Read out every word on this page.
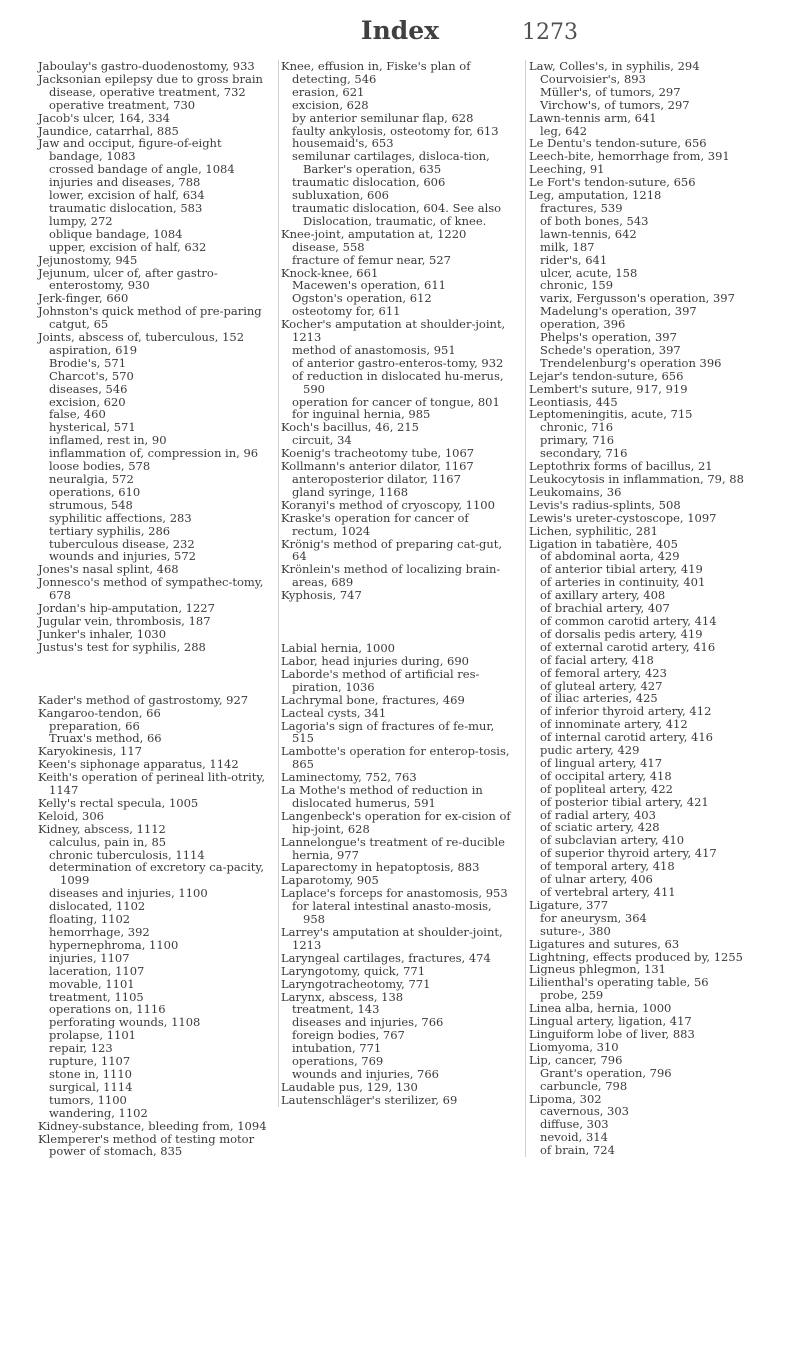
Index	1273

Jaboulay's gastro-duodenostomy, 933

Jacksonian epilepsy due to gross brain disease, operative treatment, 732

operative treatment, 730

Jacob's ulcer, 164, 334

Jaundice, catarrhal, 885

Jaw and occiput, figure-of-eight bandage, 1083

crossed bandage of angle, 1084

injuries and diseases, 788

lower, excision of half, 634

traumatic dislocation, 583

lumpy, 272

oblique bandage, 1084

upper, excision of half, 632

Jejunostomy, 945

Jejunum, ulcer of, after gastro-enterostomy, 930

Jerk-finger, 660

Johnston's quick method of pre-paring catgut, 65

Joints, abscess of, tuberculous, 152

aspiration, 619

Brodie's, 571

Charcot's, 570

diseases, 546

excision, 620

false, 460

hysterical, 571

inflamed, rest in, 90

inflammation of, compression in, 96

loose bodies, 578

neuralgia, 572

operations, 610

strumous, 548

syphilitic affections, 283

tertiary syphilis, 286

tuberculous disease, 232

wounds and injuries, 572

Jones's nasal splint, 468

Jonnesco's method of sympathec-tomy, 678

Jordan's hip-amputation, 1227

Jugular vein, thrombosis, 187

Junker's inhaler, 1030

Justus's test for syphilis, 288

Kader's method of gastrostomy, 927

Kangaroo-tendon, 66

preparation, 66

Truax's method, 66

Karyokinesis, 117

Keen's siphonage apparatus, 1142

Keith's operation of perineal lith-otrity, 1147

Kelly's rectal specula, 1005

Keloid, 306

Kidney, abscess, 1112

calculus, pain in, 85

chronic tuberculosis, 1114

determination of excretory ca-pacity, 1099

diseases and injuries, 1100

dislocated, 1102

floating, 1102

hemorrhage, 392

hypernephroma, 1100

injuries, 1107

laceration, 1107

movable, 1101

treatment, 1105

operations on, 1116

perforating wounds, 1108

prolapse, 1101

repair, 123

rupture, 1107

stone in, 1110

surgical, 1114

tumors, 1100

wandering, 1102

Kidney-substance, bleeding from, 1094

Klemperer's method of testing motor power of stomach, 835

Knee, effusion in, Fiske's plan of detecting, 546

erasion, 621

excision, 628

by anterior semilunar flap, 628

faulty ankylosis, osteotomy for, 613

housemaid's, 653

semilunar cartilages, disloca-tion, Barker's operation, 635

traumatic dislocation, 606

subluxation, 606

traumatic dislocation, 604. See also Dislocation, traumatic, of knee.

Knee-joint, amputation at, 1220

disease, 558

fracture of femur near, 527

Knock-knee, 661

Macewen's operation, 611

Ogston's operation, 612

osteotomy for, 611

Kocher's amputation at shoulder-joint, 1213

method of anastomosis, 951

of anterior gastro-enteros-tomy, 932

of reduction in dislocated hu-merus, 590

operation for cancer of tongue, 801

for inguinal hernia, 985

Koch's bacillus, 46, 215

circuit, 34

Koenig's tracheotomy tube, 1067

Kollmann's anterior dilator, 1167

anteroposterior dilator, 1167

gland syringe, 1168

Koranyi's method of cryoscopy, 1100

Kraske's operation for cancer of rectum, 1024

Krönig's method of preparing cat-gut, 64

Krönlein's method of localizing brain-areas, 689

Kyphosis, 747

Labial hernia, 1000

Labor, head injuries during, 690

Laborde's method of artificial res-piration, 1036

Lachrymal bone, fractures, 469

Lacteal cysts, 341

Lagoria's sign of fractures of fe-mur, 515

Lambotte's operation for enterop-tosis, 865

Laminectomy, 752, 763

La Mothe's method of reduction in dislocated humerus, 591

Langenbeck's operation for ex-cision of hip-joint, 628

Lannelongue's treatment of re-ducible hernia, 977

Laparectomy in hepatoptosis, 883

Laparotomy, 905

Laplace's forceps for anastomosis, 953

for lateral intestinal anasto-mosis, 958

Larrey's amputation at shoulder-joint, 1213

Laryngeal cartilages, fractures, 474

Laryngotomy, quick, 771

Laryngotracheotomy, 771

Larynx, abscess, 138

treatment, 143

diseases and injuries, 766

foreign bodies, 767

intubation, 771

operations, 769

wounds and injuries, 766

Laudable pus, 129, 130

Lautenschläger's sterilizer, 69

Law, Colles's, in syphilis, 294

Courvoisier's, 893

Müller's, of tumors, 297

Virchow's, of tumors, 297

Lawn-tennis arm, 641

leg, 642

Le Dentu's tendon-suture, 656

Leech-bite, hemorrhage from, 391

Leeching, 91

Le Fort's tendon-suture, 656

Leg, amputation, 1218

fractures, 539

of both bones, 543

lawn-tennis, 642

milk, 187

rider's, 641

ulcer, acute, 158

chronic, 159

varix, Fergusson's operation, 397

Madelung's operation, 397

operation, 396

Phelps's operation, 397

Schede's operation, 397

Trendelenburg's operation 396

Lejar's tendon-suture, 656

Lembert's suture, 917, 919

Leontiasis, 445

Leptomeningitis, acute, 715

chronic, 716

primary, 716

secondary, 716

Leptothrix forms of bacillus, 21

Leukocytosis in inflammation, 79, 88

Leukomains, 36

Levis's radius-splints, 508

Lewis's ureter-cystoscope, 1097

Lichen, syphilitic, 281

Ligation in tabatière, 405

of abdominal aorta, 429

of anterior tibial artery, 419

of arteries in continuity, 401

of axillary artery, 408

of brachial artery, 407

of common carotid artery, 414

of dorsalis pedis artery, 419

of external carotid artery, 416

of facial artery, 418

of femoral artery, 423

of gluteal artery, 427

of iliac arteries, 425

of inferior thyroid artery, 412

of innominate artery, 412

of internal carotid artery, 416

pudic artery, 429

of lingual artery, 417

of occipital artery, 418

of popliteal artery, 422

of posterior tibial artery, 421

of radial artery, 403

of sciatic artery, 428

of subclavian artery, 410

of superior thyroid artery, 417

of temporal artery, 418

of ulnar artery, 406

of vertebral artery, 411

Ligature, 377

for aneurysm, 364

suture-, 380

Ligatures and sutures, 63

Lightning, effects produced by, 1255

Ligneus phlegmon, 131

Lilienthal's operating table, 56

probe, 259

Linea alba, hernia, 1000

Lingual artery, ligation, 417

Linguiform lobe of liver, 883

Liomyoma, 310

Lip, cancer, 796

Grant's operation, 796

carbuncle, 798

Lipoma, 302

cavernous, 303

diffuse, 303

nevoid, 314

of brain, 724
